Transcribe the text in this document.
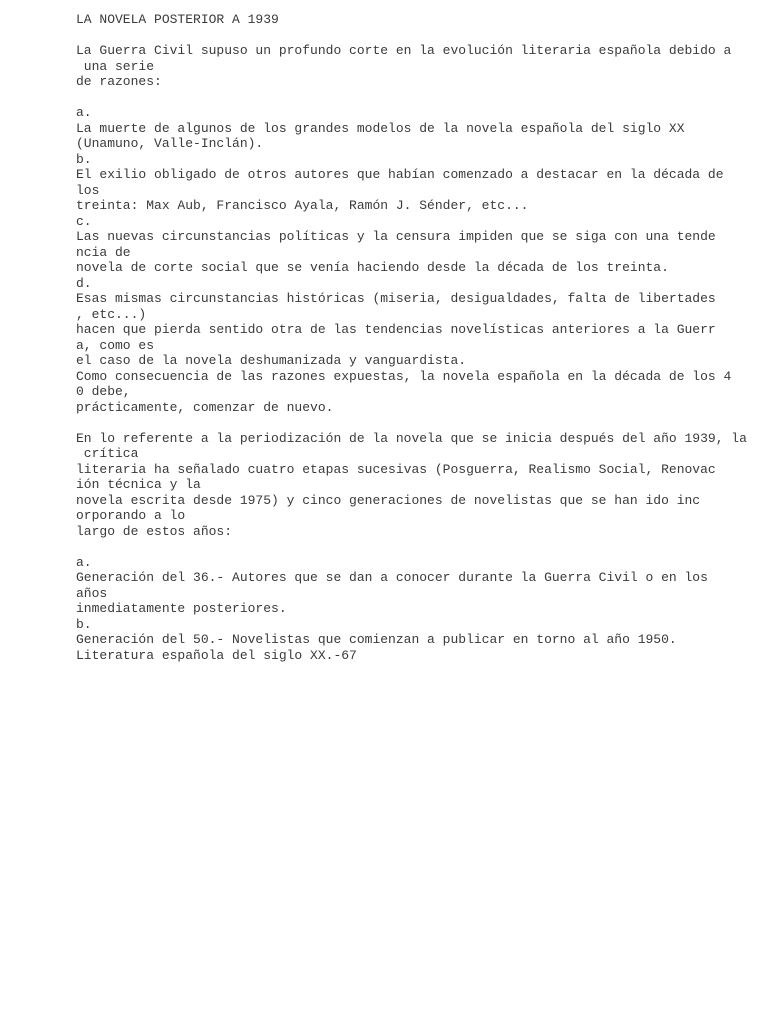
LA NOVELA POSTERIOR A 1939
La Guerra Civil supuso un profundo corte en la evolución literaria española debido a
una serie
de razones:
a.
La muerte de algunos de los grandes modelos de la novela española del siglo XX
(Unamuno, Valle-Inclán).
b.
El exilio obligado de otros autores que habían comenzado a destacar en la década de
los
treinta: Max Aub, Francisco Ayala, Ramón J. Sénder, etc...
c.
Las nuevas circunstancias políticas y la censura impiden que se siga con una tende
ncia de
novela de corte social que se venía haciendo desde la década de los treinta.
d.
Esas mismas circunstancias históricas (miseria, desigualdades, falta de libertades
, etc...)
hacen que pierda sentido otra de las tendencias novelísticas anteriores a la Guerr
a, como es
el caso de la novela deshumanizada y vanguardista.
Como consecuencia de las razones expuestas, la novela española en la década de los 4
0 debe,
prácticamente, comenzar de nuevo.
En lo referente a la periodización de la novela que se inicia después del año 1939, la
crítica
literaria ha señalado cuatro etapas sucesivas (Posguerra, Realismo Social, Renovac
ión técnica y la
novela escrita desde 1975) y cinco generaciones de novelistas que se han ido inc
orporando a lo
largo de estos años:
a.
Generación del 36.- Autores que se dan a conocer durante la Guerra Civil o en los
años
inmediatamente posteriores.
b.
Generación del 50.- Novelistas que comienzan a publicar en torno al año 1950.
Literatura española del siglo XX.-67
